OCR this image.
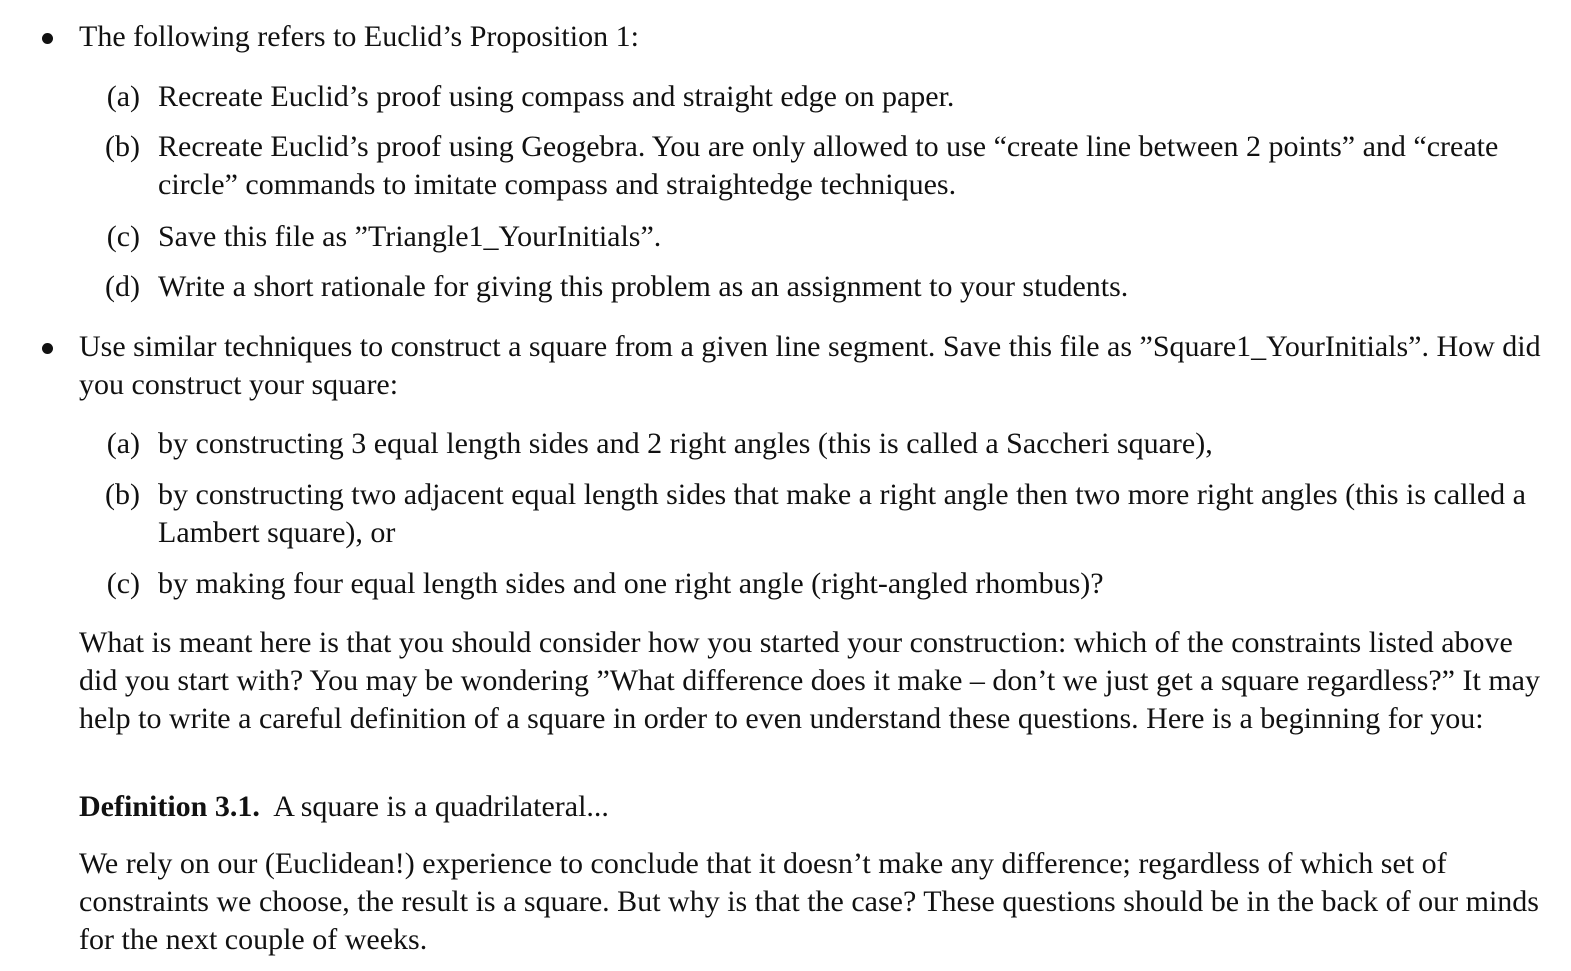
The following refers to Euclid’s Proposition 1:
(a) Recreate Euclid’s proof using compass and straight edge on paper.
(b) Recreate Euclid’s proof using Geogebra. You are only allowed to use “create line between 2 points” and “create circle” commands to imitate compass and straightedge techniques.
(c) Save this file as ”Triangle1_YourInitials”.
(d) Write a short rationale for giving this problem as an assignment to your students.
Use similar techniques to construct a square from a given line segment. Save this file as ”Square1_YourInitials”. How did you construct your square:
(a) by constructing 3 equal length sides and 2 right angles (this is called a Saccheri square),
(b) by constructing two adjacent equal length sides that make a right angle then two more right angles (this is called a Lambert square), or
(c) by making four equal length sides and one right angle (right-angled rhombus)?
What is meant here is that you should consider how you started your construction: which of the constraints listed above did you start with? You may be wondering ”What difference does it make – don’t we just get a square regardless?” It may help to write a careful definition of a square in order to even understand these questions. Here is a beginning for you:
Definition 3.1. A square is a quadrilateral...
We rely on our (Euclidean!) experience to conclude that it doesn’t make any difference; regardless of which set of constraints we choose, the result is a square. But why is that the case? These questions should be in the back of our minds for the next couple of weeks.
